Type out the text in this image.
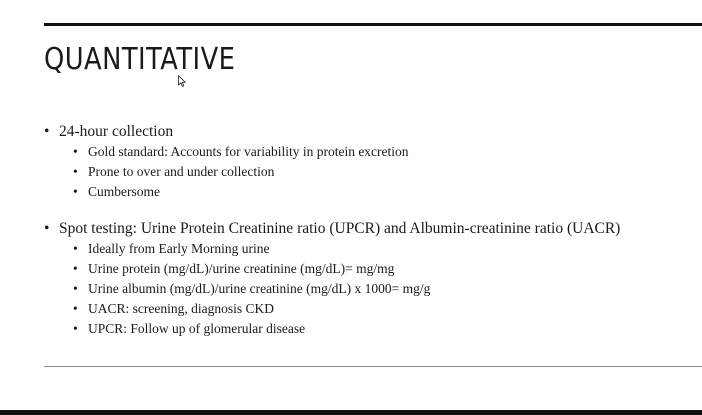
QUANTITATIVE
• 24-hour collection
• Gold standard: Accounts for variability in protein excretion
• Prone to over and under collection
• Cumbersome
• Spot testing: Urine Protein Creatinine ratio (UPCR) and Albumin-creatinine ratio (UACR)
• Ideally from Early Morning urine
• Urine protein (mg/dL)/urine creatinine (mg/dL)= mg/mg
• Urine albumin (mg/dL)/urine creatinine (mg/dL) x 1000= mg/g
• UACR: screening, diagnosis CKD
• UPCR: Follow up of glomerular disease
